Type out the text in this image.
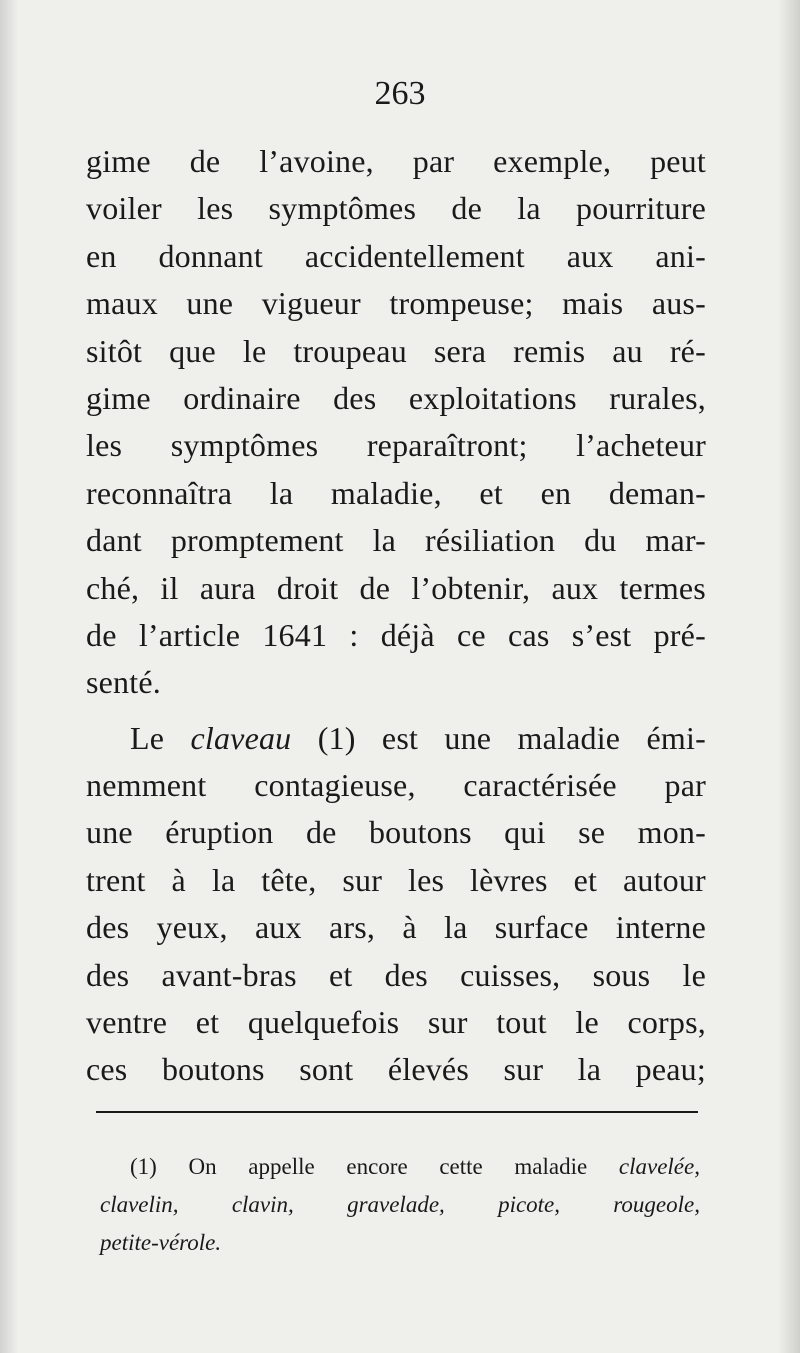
263
gime de l’avoine, par exemple, peut
voiler les symptômes de la pourriture
en donnant accidentellement aux ani-
maux une vigueur trompeuse; mais aus-
sitôt que le troupeau sera remis au ré-
gime ordinaire des exploitations rurales,
les symptômes reparaîtront; l’acheteur
reconnaîtra la maladie, et en deman-
dant promptement la résiliation du mar-
ché, il aura droit de l’obtenir, aux termes
de l’article 1641 : déjà ce cas s’est pré-
senté.
Le claveau (1) est une maladie émi-
nemment contagieuse, caractérisée par
une éruption de boutons qui se mon-
trent à la tête, sur les lèvres et autour
des yeux, aux ars, à la surface interne
des avant-bras et des cuisses, sous le
ventre et quelquefois sur tout le corps,
ces boutons sont élevés sur la peau;
(1) On appelle encore cette maladie clavelée,
clavelin, clavin, gravelade, picote, rougeole,
petite-vérole.
